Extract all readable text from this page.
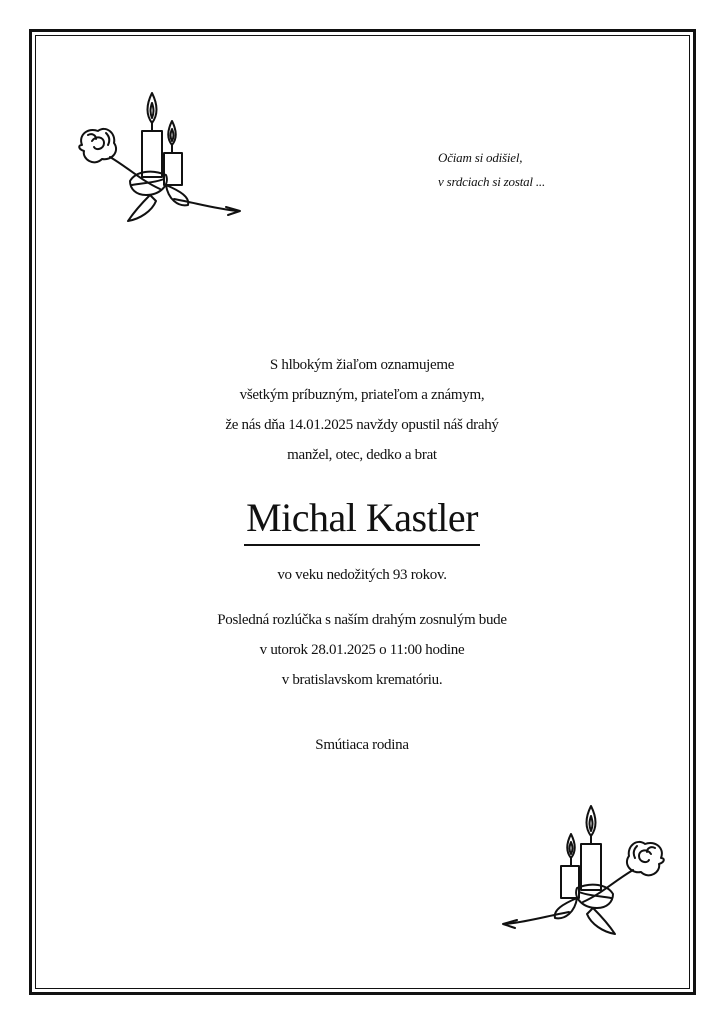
Očiam si odišiel,
v srdciach si zostal ...
S hlbokým žiaľom oznamujeme
všetkým príbuzným, priateľom a známym,
že nás dňa 14.01.2025 navždy opustil náš drahý
manžel, otec, dedko a brat
Michal Kastler
vo veku nedožitých 93 rokov.
Posledná rozlúčka s naším drahým zosnulým bude
v utorok 28.01.2025 o 11:00 hodine
v bratislavskom krematóriu.
Smútiaca rodina
